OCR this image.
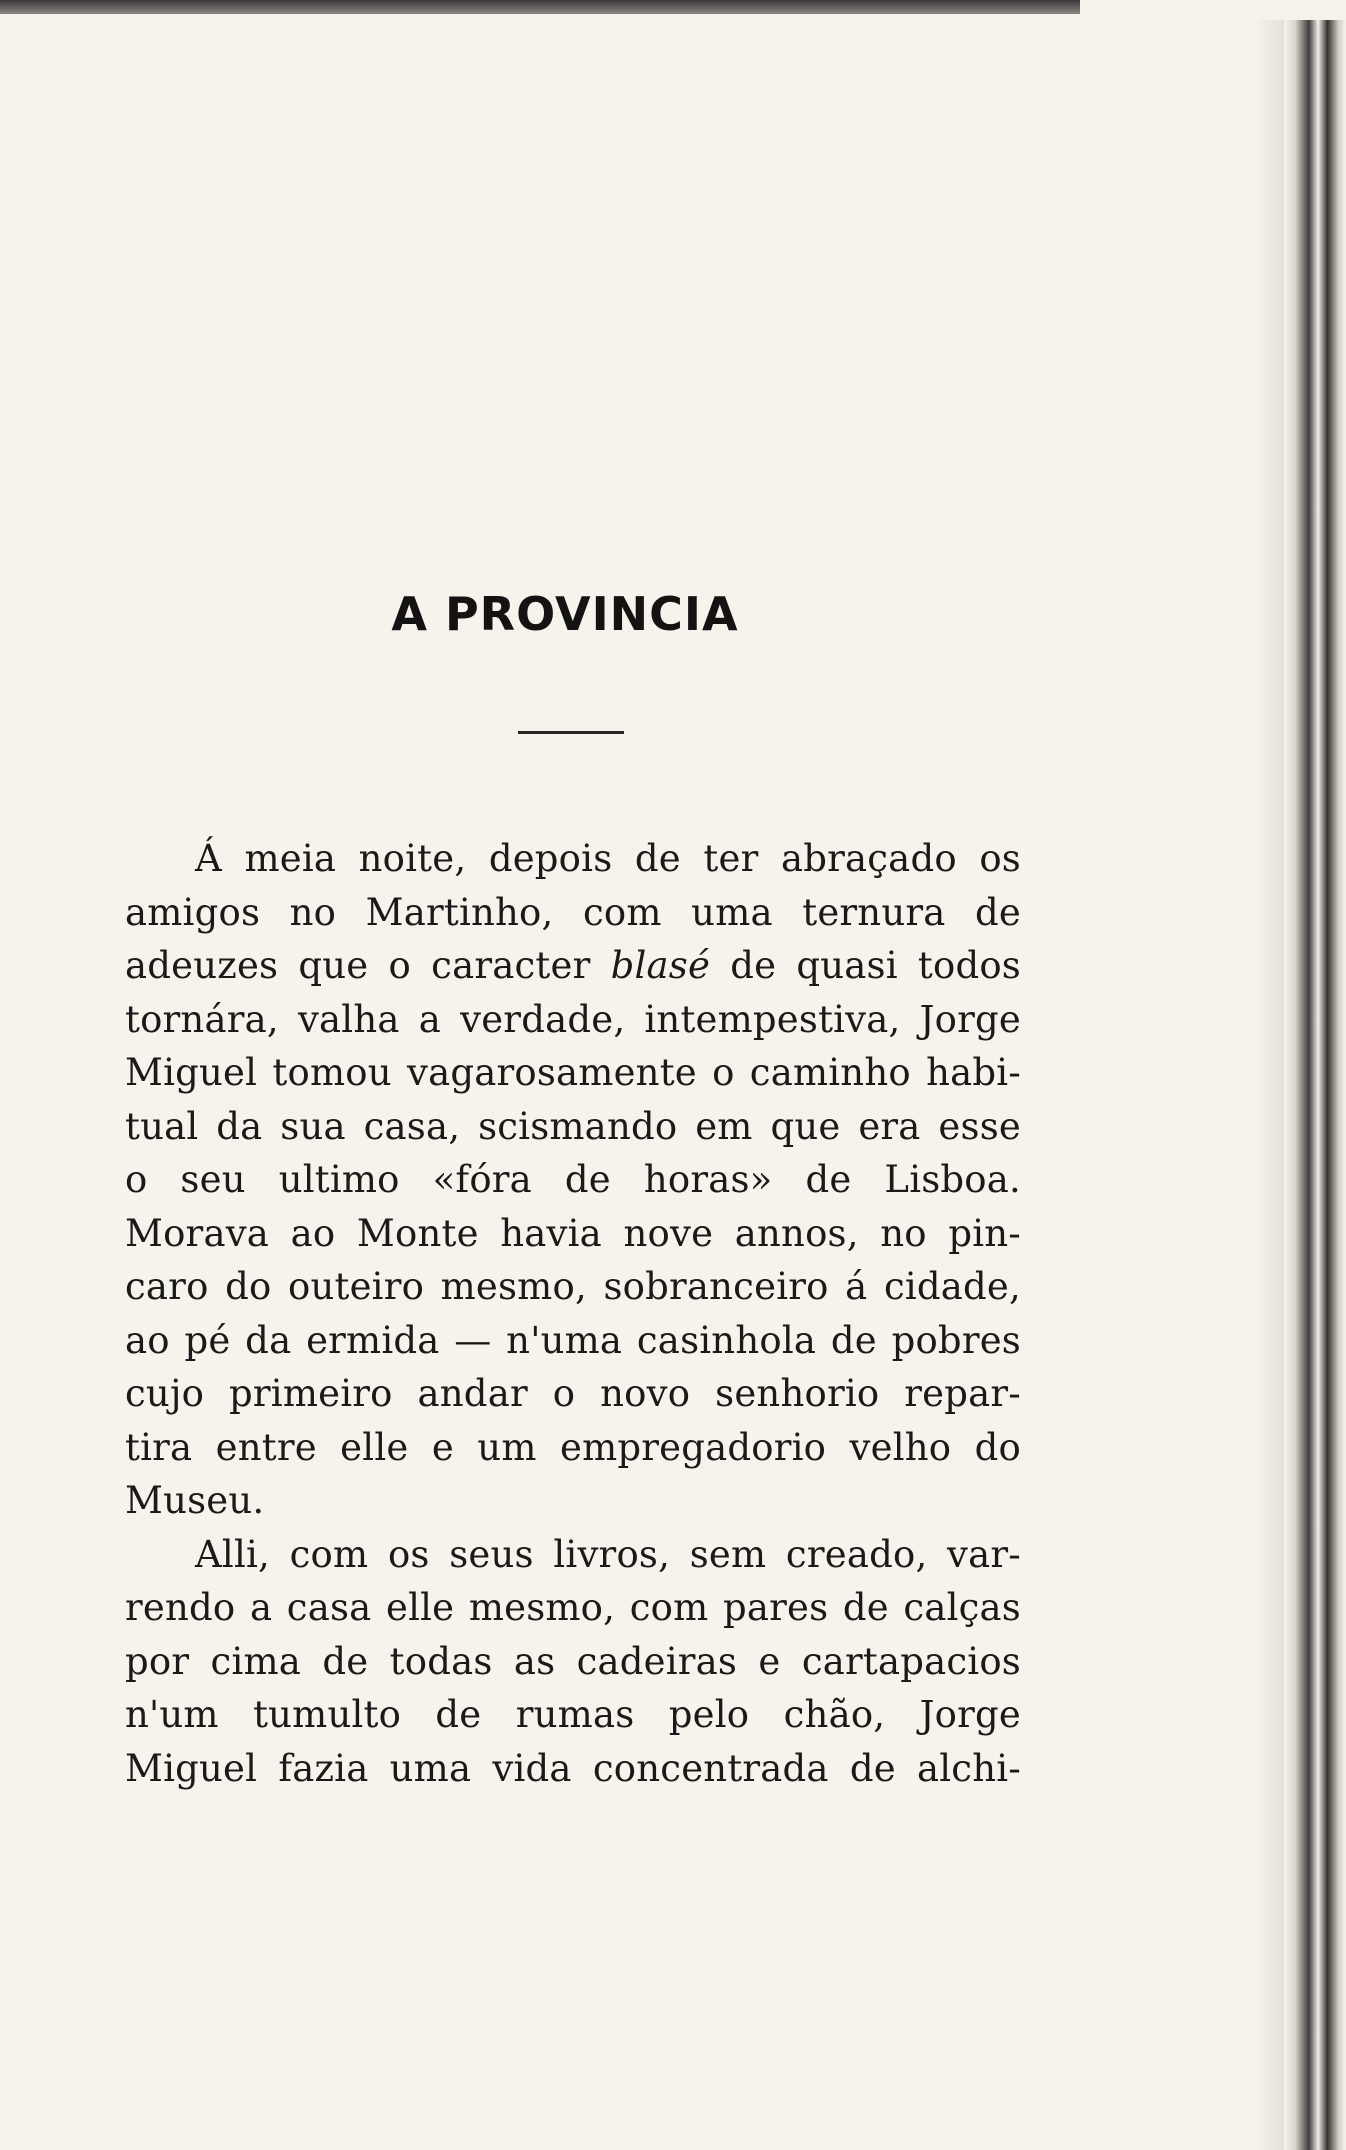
A PROVINCIA
Á meia noite, depois de ter abraçado os
amigos no Martinho, com uma ternura de
adeuzes que o caracter blasé de quasi todos
tornára, valha a verdade, intempestiva, Jorge
Miguel tomou vagarosamente o caminho habi-
tual da sua casa, scismando em que era esse
o seu ultimo «fóra de horas» de Lisboa.
Morava ao Monte havia nove annos, no pin-
caro do outeiro mesmo, sobranceiro á cidade,
ao pé da ermida — n'uma casinhola de pobres
cujo primeiro andar o novo senhorio repar-
tira entre elle e um empregadorio velho do
Museu.
Alli, com os seus livros, sem creado, var-
rendo a casa elle mesmo, com pares de calças
por cima de todas as cadeiras e cartapacios
n'um tumulto de rumas pelo chão, Jorge
Miguel fazia uma vida concentrada de alchi-
